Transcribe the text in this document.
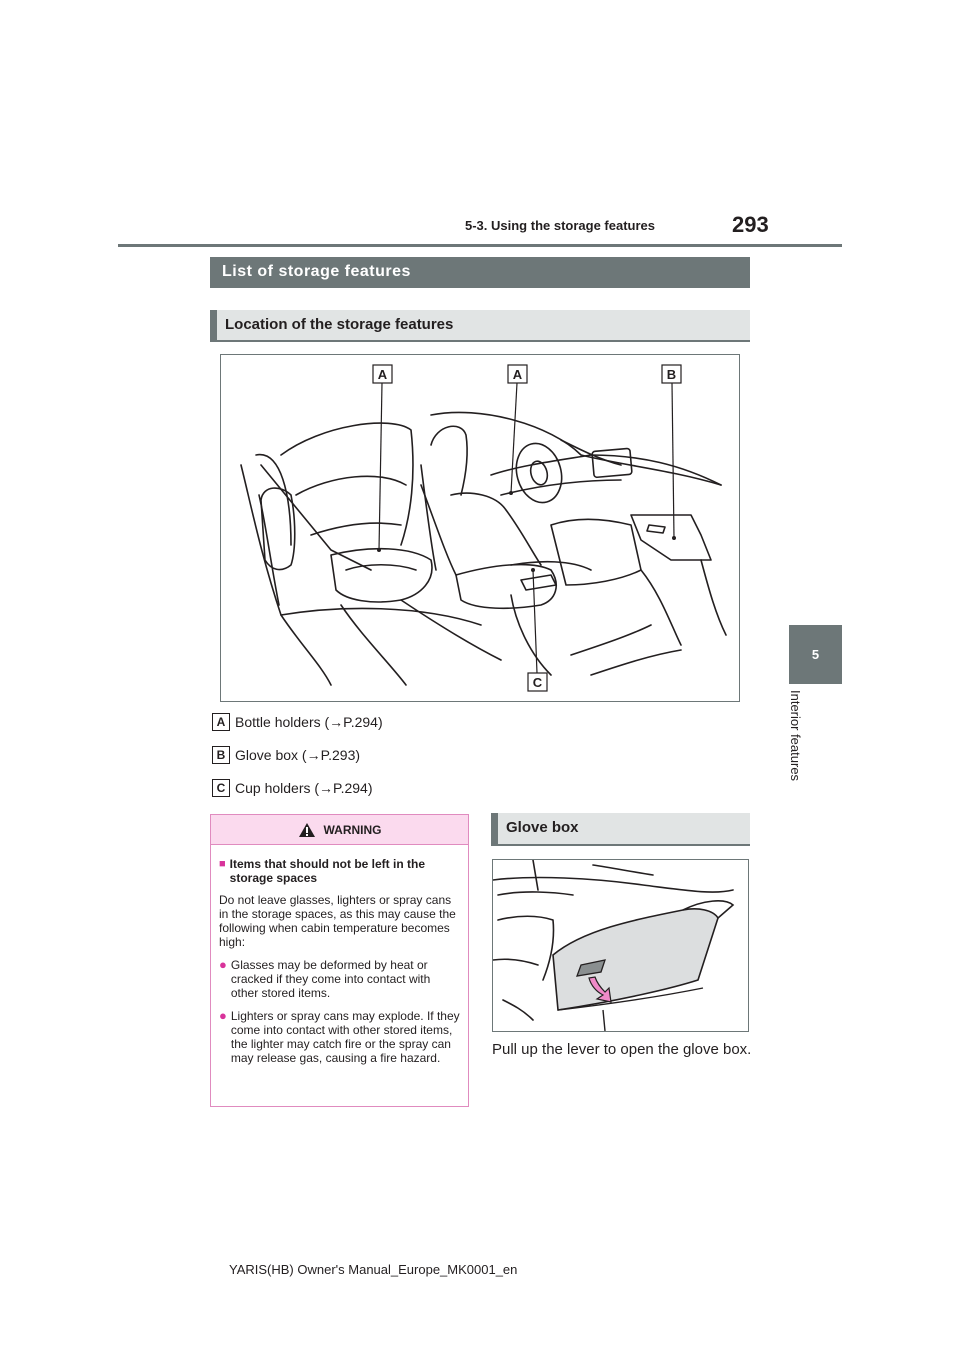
5-3. Using the storage features	293
5
Interior features
List of storage features
Location of the storage features
A	A	B
C
A Bottle holders (→P.294)
B Glove box (→P.293)
C Cup holders (→P.294)
WARNING
■ Items that should not be left in the storage spaces
Do not leave glasses, lighters or spray cans in the storage spaces, as this may cause the following when cabin temperature becomes high:
● Glasses may be deformed by heat or cracked if they come into contact with other stored items.
● Lighters or spray cans may explode. If they come into contact with other stored items, the lighter may catch fire or the spray can may release gas, causing a fire hazard.
Glove box
Pull up the lever to open the glove box.
YARIS(HB) Owner's Manual_Europe_MK0001_en
